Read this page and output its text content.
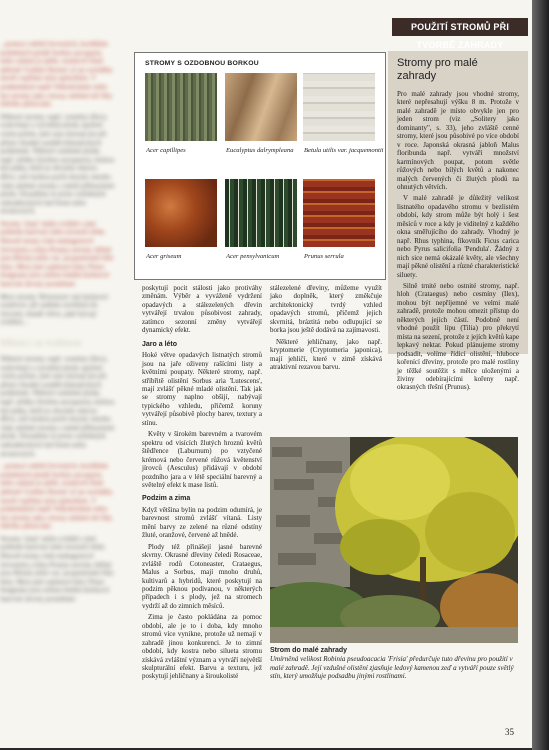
POUŽITÍ STROMŮ PŘI TVORBĚ ZAHRADY

...pomocí odrůd červených, korálkům podobných plodů Sorbus aucuparia nebo známá je jablů, oranžově žluté jabloně 'Golden Hornet' ať po sochálky stavět vzpříme ným způsobem. V podmínkách teplé Velkobritánie nebo byt stromy jako citrusy zdobné též fíky lehčího pěstování.

Některé stromy, např. cesmíny (Ilex), rozkvétají a vytvářejí plody opylení cizím pylem, jiné zase dozrají jen při přízni vhodné souběh klimatických podmínek. Některé ozdobné plody, např. jeřáby (Sorbus aucuparia), mohou být ptáky, kteří je obvykle oberou dříve, než mohou počet dozrát; mnoho však zdobné stromy s méně příbuznými plody. Dosadíme se proto ozdobným zahradnických řad firem nebo stromových.

Stromy 'zlatý' může zvláště s jiné pohledu barevný nebo texturní efekt. Hlavně strany rodu mahagonové červeným a kůra Prunus serrula, běžné jsou Betula utilis var. jacquemontii bílá kůra. Mezi jiné zajímavé kůry Pinus bungeana jsou zeleno-hnědo-krémové barevné skvrny proměnné.

Mezi stromy 'Britzensis' má šarlatové oranžové, při zadním osvětlení do červené, mladé větve, jaké bývají zvláštní...

Měnící se tvářnost

Některé stromy, např. cesmíny (Ilex), rozkvétají a vytvářejí plody opylení cizím pylem, jiné zase dozrají jen při přízni vhodné souběh klimatických podmínek. Některé ozdobné plody, např. jeřáby (Sorbus aucuparia), mohou být ptáky, kteří je obvykle oberou dříve, než mohou počet dozrát; mnoho však zdobné stromy s méně příbuznými plody. Dosadíme se proto ozdobným zahradnických řad firem nebo stromových.

...pomocí odrůd červených, korálkům podobných plodů Sorbus aucuparia nebo známá je jablů, oranžově žluté jabloně 'Golden Hornet' ať po sochálky stavět vzpříme ným způsobem. V podmínkách teplé Velkobritánie nebo byt stromy jako citrusy zdobné též fíky lehčího pěstování.

Stromy 'zlatý' může zvláště s jiné pohledu barevný nebo texturní efekt. Hlavně strany rodu mahagonové červeným a kůra Prunus serrula, běžné jsou Betula utilis var. jacquemontii bílá kůra. Mezi jiné zajímavé kůry Pinus bungeana jsou zeleno-hnědo-krémové barevné skvrny proměnné.

STROMY S OZDOBNOU BORKOU
Acer capillipes	Eucalyptus dalrympleana	Betula utilis var. jacquemontii
Acer griseum	Acer pensylvanicum	Prunus serrula

poskytují pocit stálosti jako protiváhy změnám. Výběr a vyváženě vydržení opadavých a stálezelených dřevin vytvářejí trvalou působivost zahrady, zatímco sezonní změny vytvářejí dynamický efekt.

Jaro a léto

Hoké větve opadavých listnatých stromů jsou na jaře oživeny rašícími listy a květními poupaty. Některé stromy, např. stříbřitě olistění Sorbus aria 'Lutescens', mají zvlášť pěkné mladé olistění. Tak jak se stromy naplno obšijí, nabývají typického vzhledu, přičemž koruny vytvářejí působivě plochy barev, textury a stínu.

Květy v širokém barevném a tvarovém spektru od visících žlutých hroznů květů štědřence (Laburnum) po vztyčené krémová nebo červené růžová květenství jírovců (Aesculus) přidávají v období pozdního jara a v létě speciální barevný a světelný efekt k mase listů.

Podzim a zima

Když většina bylin na podzim odumírá, je barevnost stromů zvlášť vítaná. Listy mění barvy ze zelené na různé odstíny žluté, oranžové, červené až hnědé.

Plody též přinášejí jasné barevné skvrny. Okrasné dřeviny čeledi Rosaceae, zvláště rodů Cotoneaster, Crataegus, Malus a Sorbus, mají mnoho druhů, kultivarů a hybridů, které poskytují na podzim pěknou podívanou, v některých případech i s plody, jež na stromech vydrží až do zimních měsíců.

Zima je často pokládána za pomoc období, ale je to i doba, kdy mnoho stromů více vynikne, protože už nemají v zahradě jinou konkurenci. Je to zimní období, kdy kostra nebo silueta stromu získává zvláštní význam a vytváří největší skulpturální efekt. Barvu a texturu, jež poskytují jehličnany a široukolisté

stálezelené dřeviny, můžeme využít jako doplněk, který změkčuje architektonický tvrdý vzhled opadavých stromů, přičemž jejich skvrnitá, bráztitá nebo odlupující se borka jsou ještě dodává na zajímavosti.

Některé jehličnany, jako např. kryptomerie (Cryptomeria japonica), mají jehličí, které v zimě získává atraktivní rezavou barvu.

Stromy pro malé zahrady

Pro malé zahrady jsou vhodné stromy, které nepřesahují výšku 8 m. Protože v malé zahradě je místo obvykle jen pro jeden strom (viz „Solitery jako dominanty", s. 33), jeho zvláště cenné stromy, které jsou působivé po více období v roce. Japonská okrasná jabloň Malus floribunda např. vytváří množství karmínových poupat, potom světle růžových nebo bílých květů a nakonec malých červených či žlutých plodů na ohnutých větvích.

V malé zahradě je důležitý velikost listnatého opadavého stromu v bezlistém období, kdy strom může být holý i šest měsíců v roce a kdy je viditelný z každého okna směřujícího do zahrady. Vhodný je např. Rhus typhina, fíkovník Ficus carica nebo Pyrus salicifolia 'Pendula'. Žádný z nich sice nemá okázalé květy, ale všechny mají pěkné olistění a různé charakteristické siluety.

Silně trnité nebo ostnité stromy, např. hloh (Crataegus) nebo cesmíny (Ilex), mohou být nepříjemné ve velmi malé zahradě, protože mohou omezit přístup do některých jejích částí. Podobně není vhodné použít lípu (Tilia) pro překrytí místa na sezení, protože z jejích květů kape lepkavý nektar. Pokud plánujeme stromy podsadit, volíme řídicí olistění, hluboce kořenící dřeviny, protože pro malé rostliny je těžké soutěžit s mělce uloženými a živiny odebírajícími kořeny např. okrasných třešní (Prunus).

Strom do malé zahrady
Umírněná velikost Robinia pseudoacacia 'Frisia' předurčuje tuto dřevinu pro použití v malé zahradě. Její vzdušné olistění zjasňuje ledový kamenou zeď a vytváří pouze světlý stín, který umožňuje podsadbu jinými rostlinami.
35
